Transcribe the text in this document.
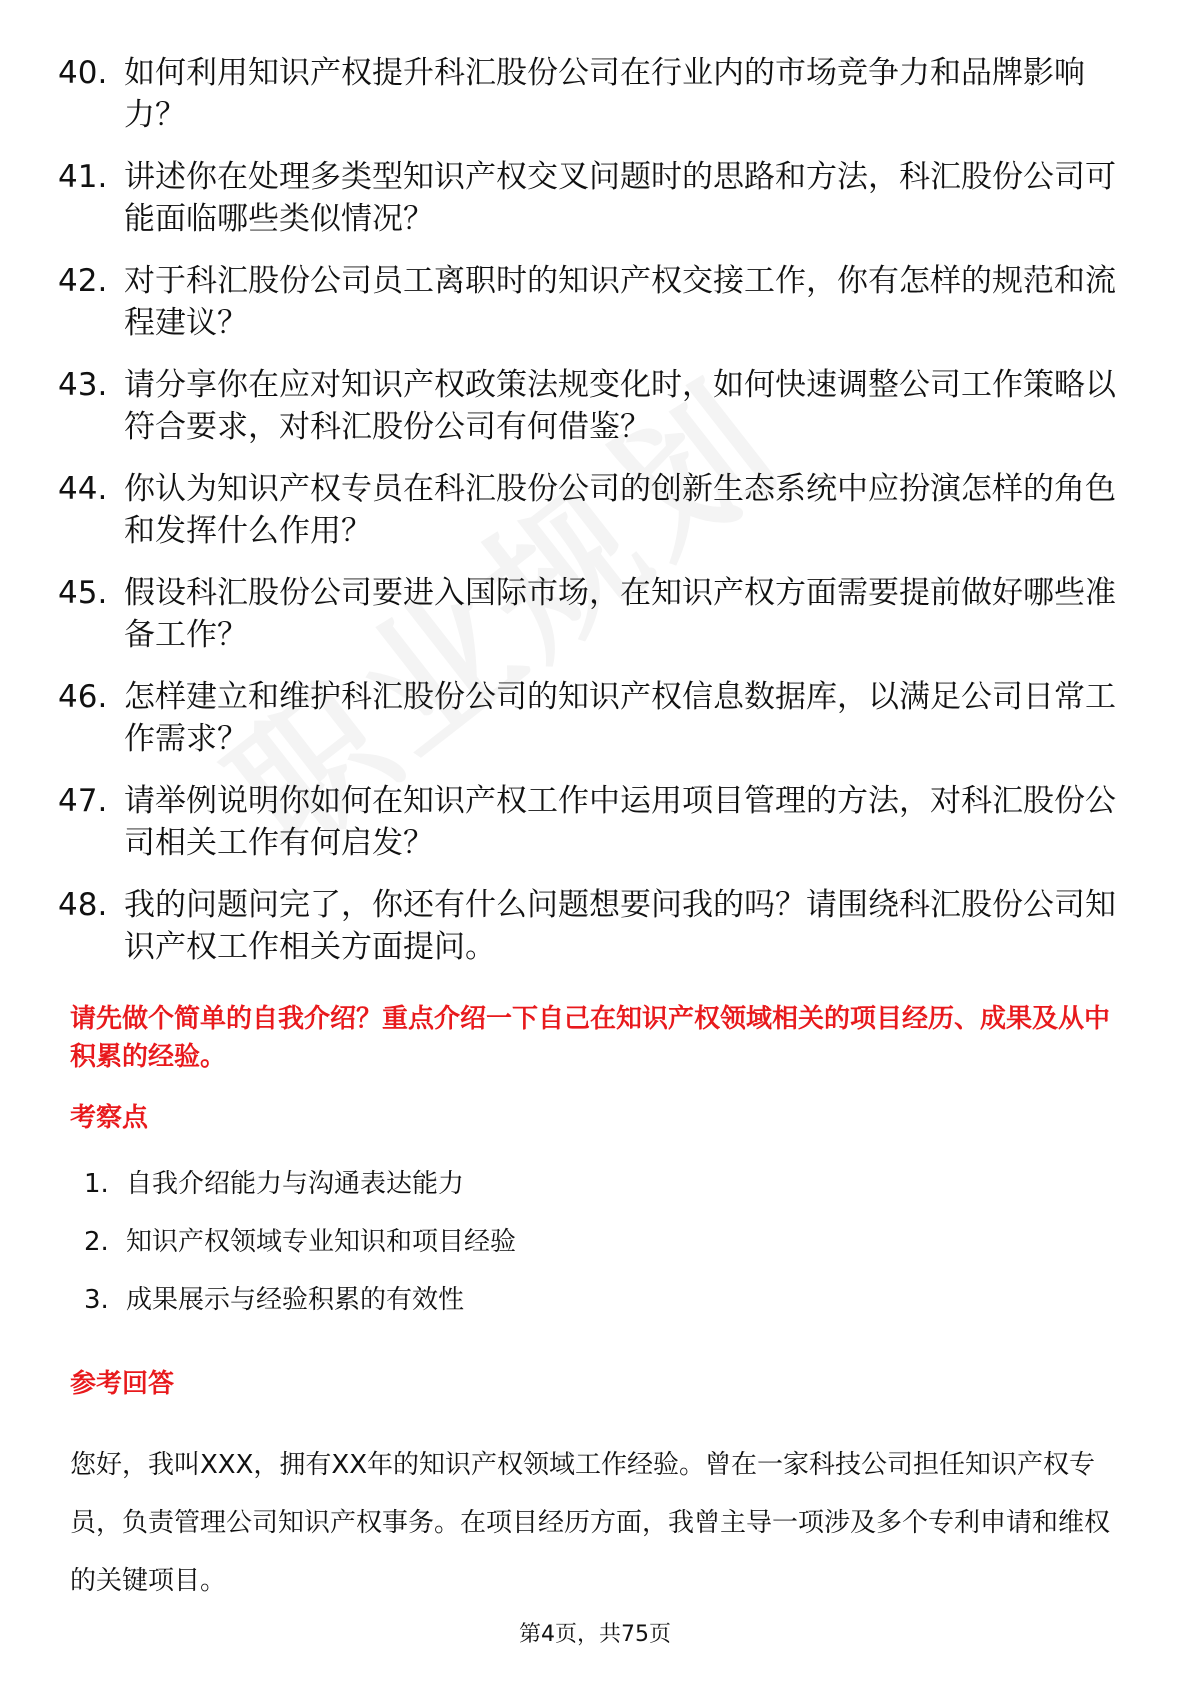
40. 如何利用知识产权提升科汇股份公司在行业内的市场竞争力和品牌影响力？
41. 讲述你在处理多类型知识产权交叉问题时的思路和方法，科汇股份公司可能面临哪些类似情况？
42. 对于科汇股份公司员工离职时的知识产权交接工作，你有怎样的规范和流程建议？
43. 请分享你在应对知识产权政策法规变化时，如何快速调整公司工作策略以符合要求，对科汇股份公司有何借鉴？
44. 你认为知识产权专员在科汇股份公司的创新生态系统中应扮演怎样的角色和发挥什么作用？
45. 假设科汇股份公司要进入国际市场，在知识产权方面需要提前做好哪些准备工作？
46. 怎样建立和维护科汇股份公司的知识产权信息数据库，以满足公司日常工作需求？
47. 请举例说明你如何在知识产权工作中运用项目管理的方法，对科汇股份公司相关工作有何启发？
48. 我的问题问完了，你还有什么问题想要问我的吗？请围绕科汇股份公司知识产权工作相关方面提问。
请先做个简单的自我介绍？重点介绍一下自己在知识产权领域相关的项目经历、成果及从中积累的经验。
考察点
1. 自我介绍能力与沟通表达能力
2. 知识产权领域专业知识和项目经验
3. 成果展示与经验积累的有效性
参考回答
您好，我叫XXX，拥有XX年的知识产权领域工作经验。曾在一家科技公司担任知识产权专员，负责管理公司知识产权事务。在项目经历方面，我曾主导一项涉及多个专利申请和维权的关键项目。
第4页，共75页
